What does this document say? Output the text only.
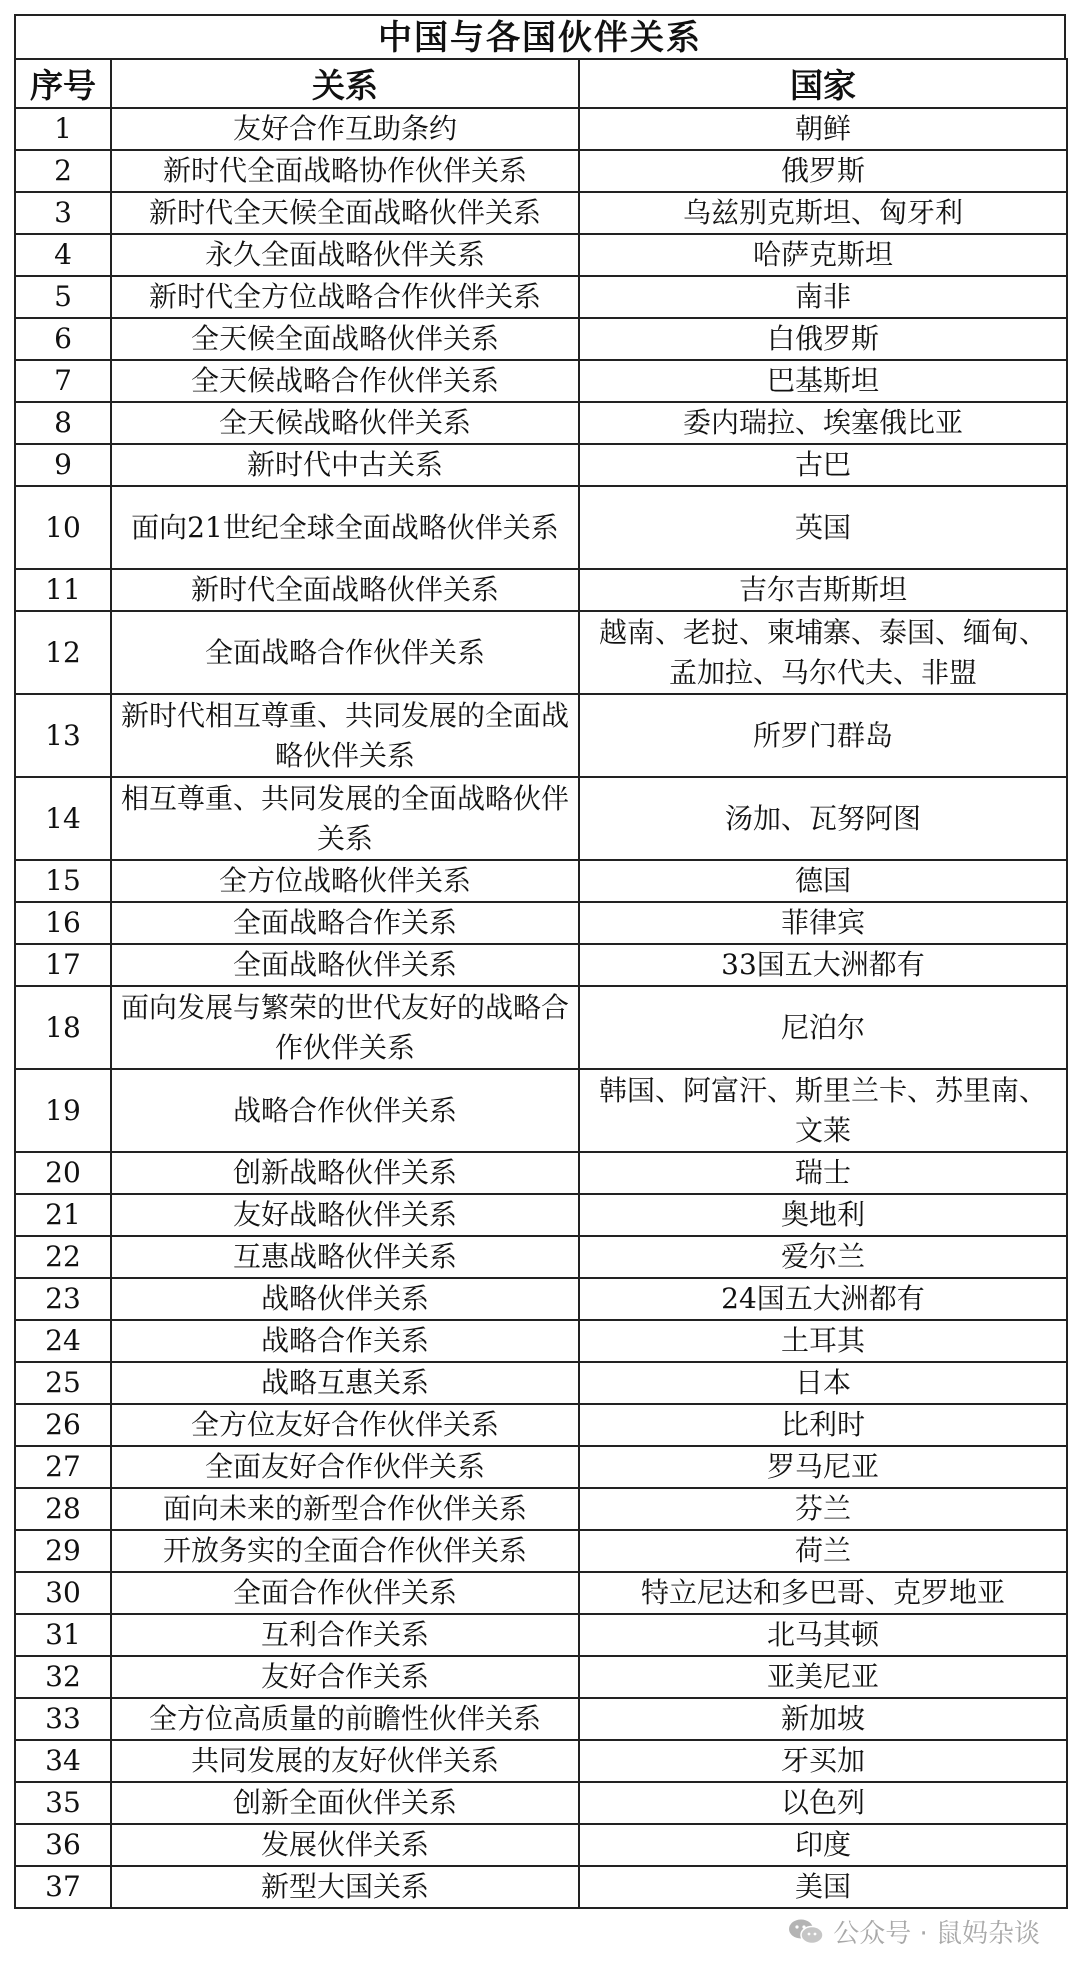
中国与各国伙伴关系
序号	关系	国家
1	友好合作互助条约	朝鲜
2	新时代全面战略协作伙伴关系	俄罗斯
3	新时代全天候全面战略伙伴关系	乌兹别克斯坦、匈牙利
4	永久全面战略伙伴关系	哈萨克斯坦
5	新时代全方位战略合作伙伴关系	南非
6	全天候全面战略伙伴关系	白俄罗斯
7	全天候战略合作伙伴关系	巴基斯坦
8	全天候战略伙伴关系	委内瑞拉、埃塞俄比亚
9	新时代中古关系	古巴
10	面向21世纪全球全面战略伙伴关系	英国
11	新时代全面战略伙伴关系	吉尔吉斯斯坦
12	全面战略合作伙伴关系	越南、老挝、柬埔寨、泰国、缅甸、孟加拉、马尔代夫、非盟
13	新时代相互尊重、共同发展的全面战略伙伴关系	所罗门群岛
14	相互尊重、共同发展的全面战略伙伴关系	汤加、瓦努阿图
15	全方位战略伙伴关系	德国
16	全面战略合作关系	菲律宾
17	全面战略伙伴关系	33国五大洲都有
18	面向发展与繁荣的世代友好的战略合作伙伴关系	尼泊尔
19	战略合作伙伴关系	韩国、阿富汗、斯里兰卡、苏里南、文莱
20	创新战略伙伴关系	瑞士
21	友好战略伙伴关系	奥地利
22	互惠战略伙伴关系	爱尔兰
23	战略伙伴关系	24国五大洲都有
24	战略合作关系	土耳其
25	战略互惠关系	日本
26	全方位友好合作伙伴关系	比利时
27	全面友好合作伙伴关系	罗马尼亚
28	面向未来的新型合作伙伴关系	芬兰
29	开放务实的全面合作伙伴关系	荷兰
30	全面合作伙伴关系	特立尼达和多巴哥、克罗地亚
31	互利合作关系	北马其顿
32	友好合作关系	亚美尼亚
33	全方位高质量的前瞻性伙伴关系	新加坡
34	共同发展的友好伙伴关系	牙买加
35	创新全面伙伴关系	以色列
36	发展伙伴关系	印度
37	新型大国关系	美国
公众号 · 鼠妈杂谈
